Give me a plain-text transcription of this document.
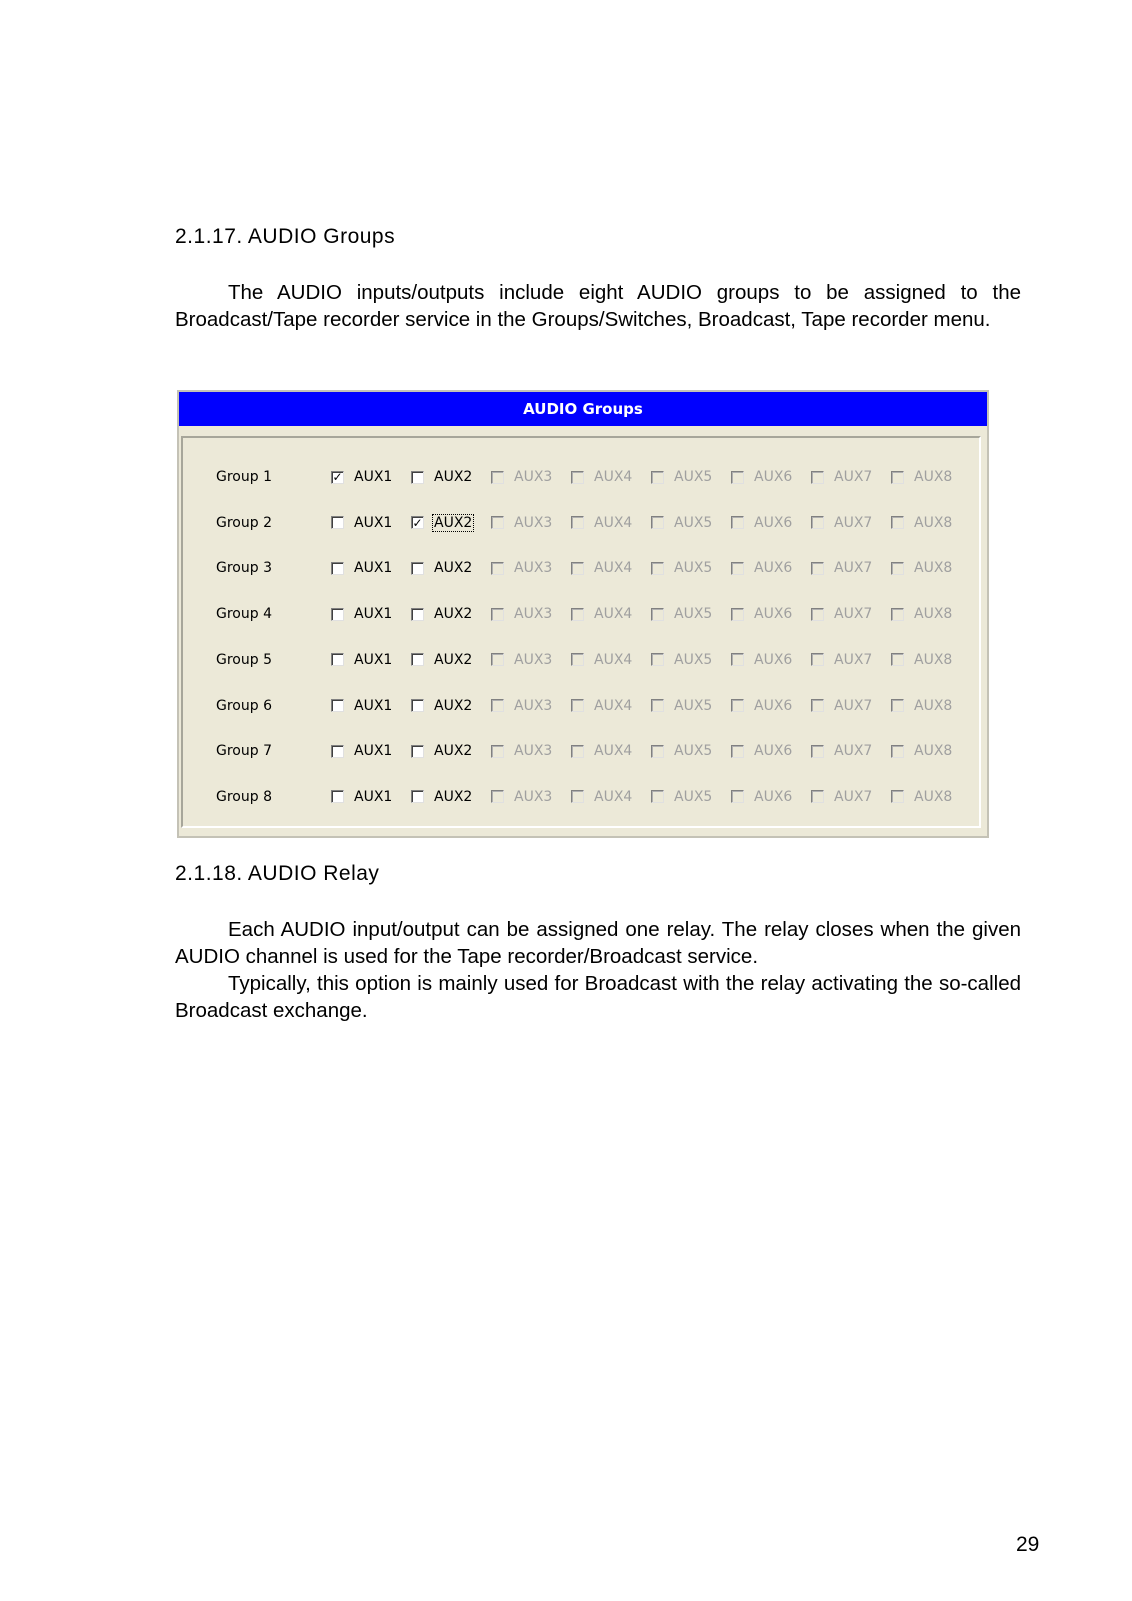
2.1.17. AUDIO Groups

The AUDIO inputs/outputs include eight AUDIO groups to be assigned to the Broadcast/Tape recorder service in the Groups/Switches, Broadcast, Tape recorder menu.

AUDIO Groups
Group 1	✓ AUX1	AUX2	AUX3	AUX4	AUX5	AUX6	AUX7	AUX8
Group 2	AUX1 ✓ AUX2	AUX3	AUX4	AUX5	AUX6	AUX7	AUX8
Group 3	AUX1	AUX2	AUX3	AUX4	AUX5	AUX6	AUX7	AUX8
Group 4	AUX1	AUX2	AUX3	AUX4	AUX5	AUX6	AUX7	AUX8
Group 5	AUX1	AUX2	AUX3	AUX4	AUX5	AUX6	AUX7	AUX8
Group 6	AUX1	AUX2	AUX3	AUX4	AUX5	AUX6	AUX7	AUX8
Group 7	AUX1	AUX2	AUX3	AUX4	AUX5	AUX6	AUX7	AUX8
Group 8	AUX1	AUX2	AUX3	AUX4	AUX5	AUX6	AUX7	AUX8
2.1.18. AUDIO Relay

Each AUDIO input/output can be assigned one relay. The relay closes when the given AUDIO channel is used for the Tape recorder/Broadcast service.

Typically, this option is mainly used for Broadcast with the relay activating the so-called Broadcast exchange.

29
